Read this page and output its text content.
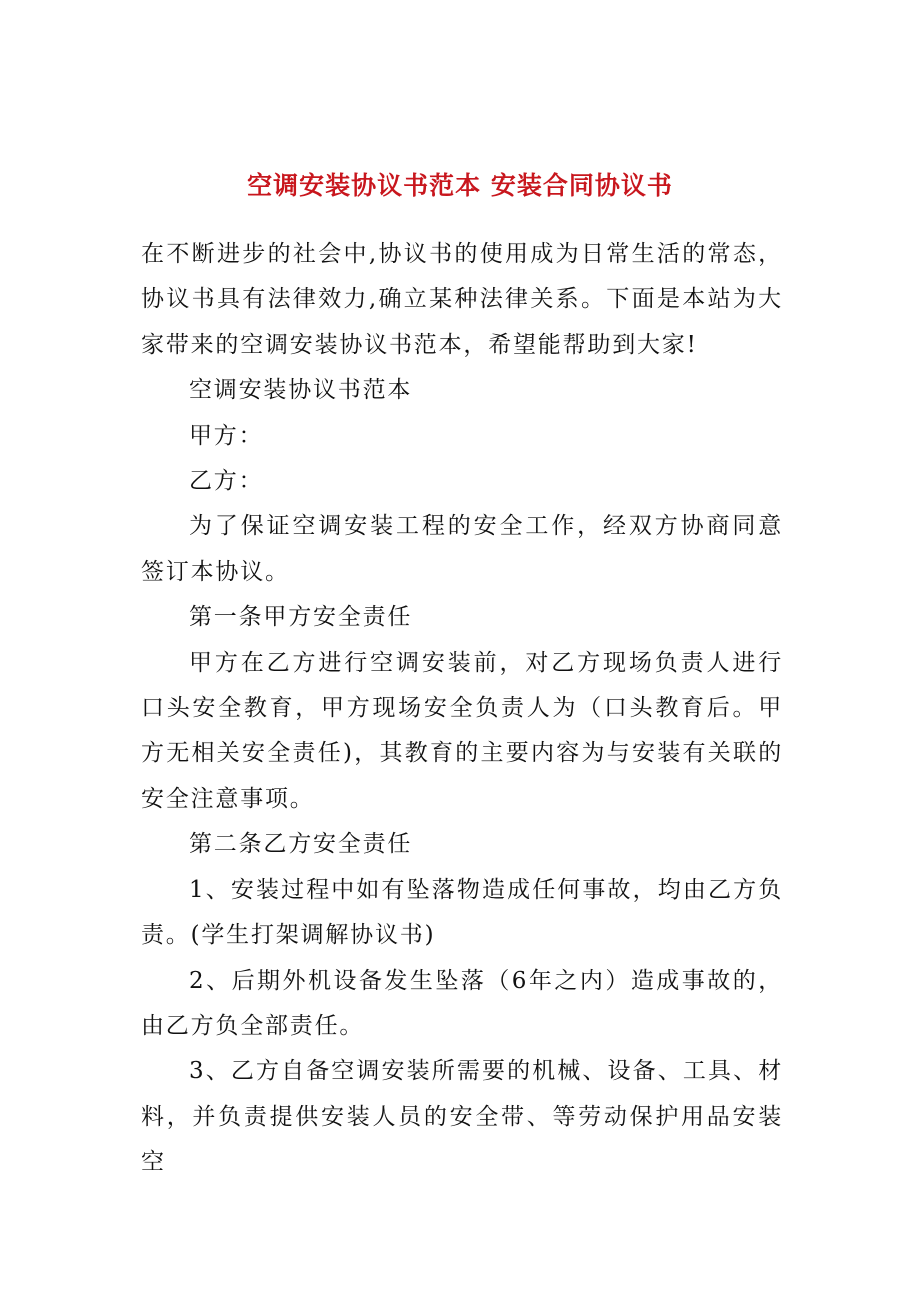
空调安装协议书范本 安装合同协议书

在不断进步的社会中,协议书的使用成为日常生活的常态，协议书具有法律效力,确立某种法律关系。下面是本站为大家带来的空调安装协议书范本，希望能帮助到大家!

空调安装协议书范本

甲方：

乙方：

为了保证空调安装工程的安全工作，经双方协商同意签订本协议。

第一条甲方安全责任

甲方在乙方进行空调安装前，对乙方现场负责人进行口头安全教育，甲方现场安全负责人为（口头教育后。甲方无相关安全责任)，其教育的主要内容为与安装有关联的安全注意事项。

第二条乙方安全责任

1、安装过程中如有坠落物造成任何事故，均由乙方负责。(学生打架调解协议书)

2、后期外机设备发生坠落（6年之内）造成事故的，由乙方负全部责任。

3、乙方自备空调安装所需要的机械、设备、工具、材料，并负责提供安装人员的安全带、等劳动保护用品安装空
